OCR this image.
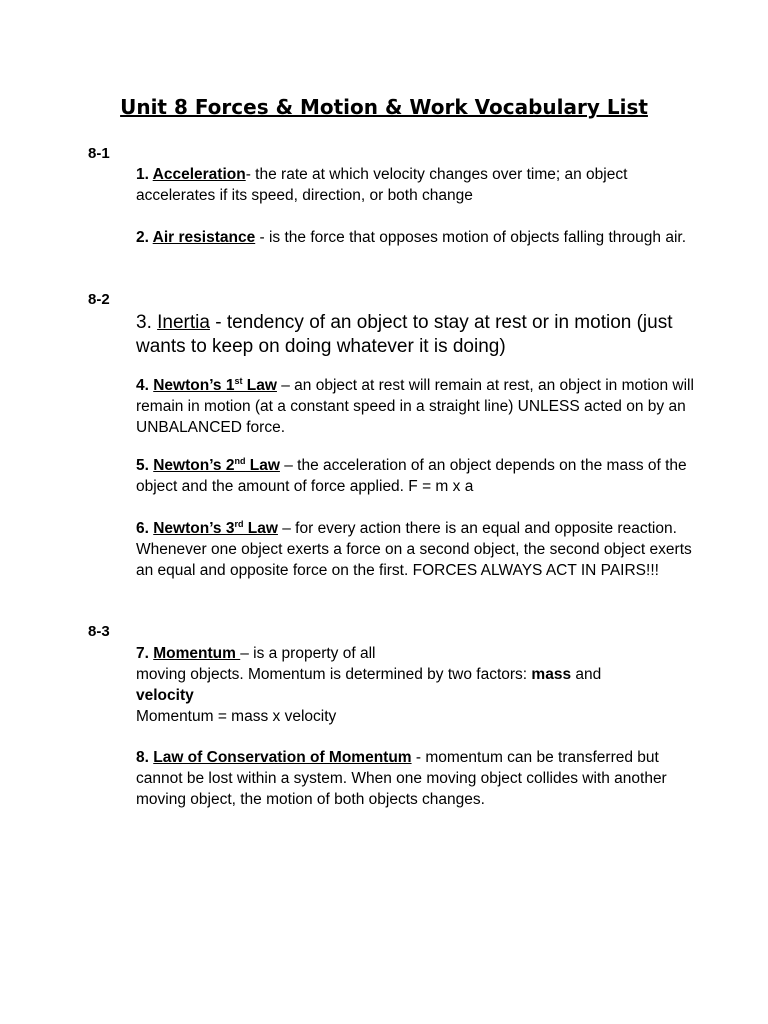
Unit 8 Forces & Motion & Work Vocabulary List
8-1
1. Acceleration- the rate at which velocity changes over time; an object accelerates if its speed, direction, or both change
2. Air resistance - is the force that opposes motion of objects falling through air.
8-2
3. Inertia - tendency of an object to stay at rest or in motion (just wants to keep on doing whatever it is doing)
4. Newton’s 1st Law – an object at rest will remain at rest, an object in motion will remain in motion (at a constant speed in a straight line) UNLESS acted on by an UNBALANCED force.
5. Newton’s 2nd Law – the acceleration of an object depends on the mass of the object and the amount of force applied. F = m x a
6. Newton’s 3rd Law – for every action there is an equal and opposite reaction. Whenever one object exerts a force on a second object, the second object exerts an equal and opposite force on the first. FORCES ALWAYS ACT IN PAIRS!!!
8-3
7. Momentum – is a property of all
moving objects. Momentum is determined by two factors: mass and
velocity
Momentum = mass x velocity
8. Law of Conservation of Momentum - momentum can be transferred but cannot be lost within a system. When one moving object collides with another moving object, the motion of both objects changes.
